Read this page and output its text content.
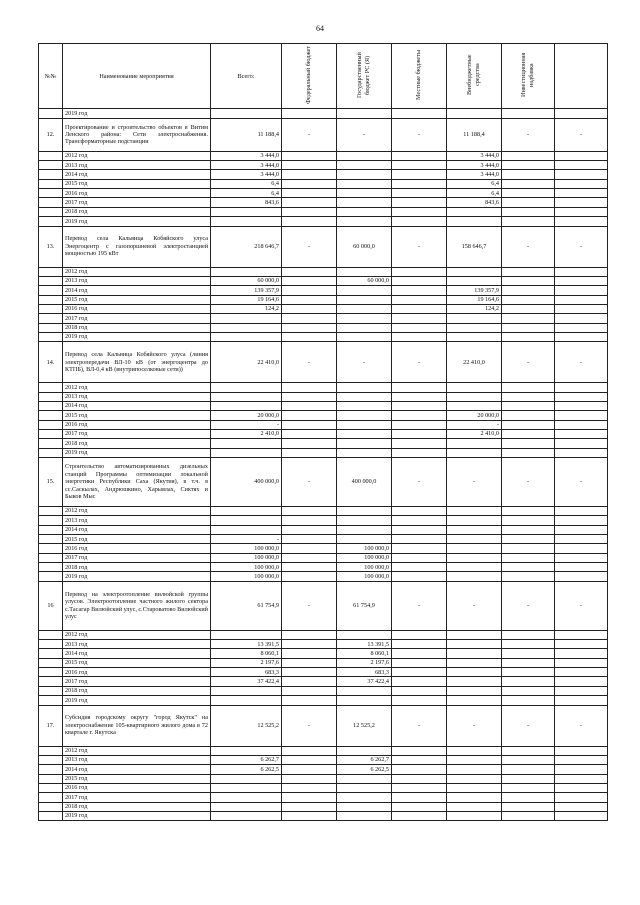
64
№№	Наименование мероприятия	Всего:	Федеральный бюджет	Государственный бюджет РС (Я)	Местные бюджеты	Внебюджетные средства	Инвестиционная надбавка	
	2019 год							
12.	Проектирование и строительство объектов в Витим Ленского района: Сети электроснабжения. Трансформаторные подстанции	11 188,4	-	-	-	11 188,4	-	-
	2012 год	3 444,0				3 444,0		
	2013 год	3 444,0				3 444,0		
	2014 год	3 444,0				3 444,0		
	2015 год	6,4				6,4		
	2016 год	6,4				6,4		
	2017 год	843,6				843,6		
	2018 год							
	2019 год							
13.	Перевод села Кальвица Кобяйского улуса Энергоцентр с газопоршневой электростанцией мощностью 195 кВт	218 646,7	-	60 000,0	-	158 646,7	-	-
	2012 год							
	2013 год	60 000,0		60 000,0				
	2014 год	139 357,9				139 357,9		
	2015 год	19 164,6				19 164,6		
	2016 год	124,2				124,2		
	2017 год							
	2018 год							
	2019 год							
14.	Перевод села Кальвица Кобяйского улуса (линия электропередачи ВЛ-10 кВ (от энергоцентра до КТПБ), ВЛ-0,4 кВ (внутрипоселковые сети))	22 410,0	-	-	-	22 410,0	-	-
	2012 год							
	2013 год							
	2014 год							
	2015 год	20 000,0				20 000,0		
	2016 год	-				-		
	2017 год	2 410,0				2 410,0		
	2018 год							
	2019 год							
15.	Строительство автоматизированных дизельных станций Программы оптимизации локальной энергетики Республики Саха (Якутия), в т.ч. в сс.Саскылах, Андрюшкино, Харыялах, Сиктях и Быков Мыс	400 000,0	-	400 000,0	-	-	-	-
	2012 год							
	2013 год							
	2014 год							
	2015 год	-						
	2016 год	100 000,0		100 000,0				
	2017 год	100 000,0		100 000,0				
	2018 год	100 000,0		100 000,0				
	2019 год	100 000,0		100 000,0				
16	Перевод на электроотопление вилюйской группы улусов. Электроотопление частного жилого сектора с.Тасагар Вилюйский улус, с.Староватово Вилюйский улус	61 754,9	-	61 754,9	-	-	-	-
	2012 год							
	2013 год	13 391,5		13 391,5				
	2014 год	8 060,1		8 060,1				
	2015 год	2 197,6		2 197,6				
	2016 год	683,3		683,3				
	2017 год	37 422,4		37 422,4				
	2018 год							
	2019 год							
17.	Субсидия городскому округу "город Якутск" на электроснабжение 105-квартирного жилого дома в 72 квартале г. Якутска	12 525,2	-	12 525,2	-	-	-	-
	2012 год							
	2013 год	6 262,7		6 262,7				
	2014 год	6 262,5		6 262,5				
	2015 год							
	2016 год							
	2017 год							
	2018 год							
	2019 год							
